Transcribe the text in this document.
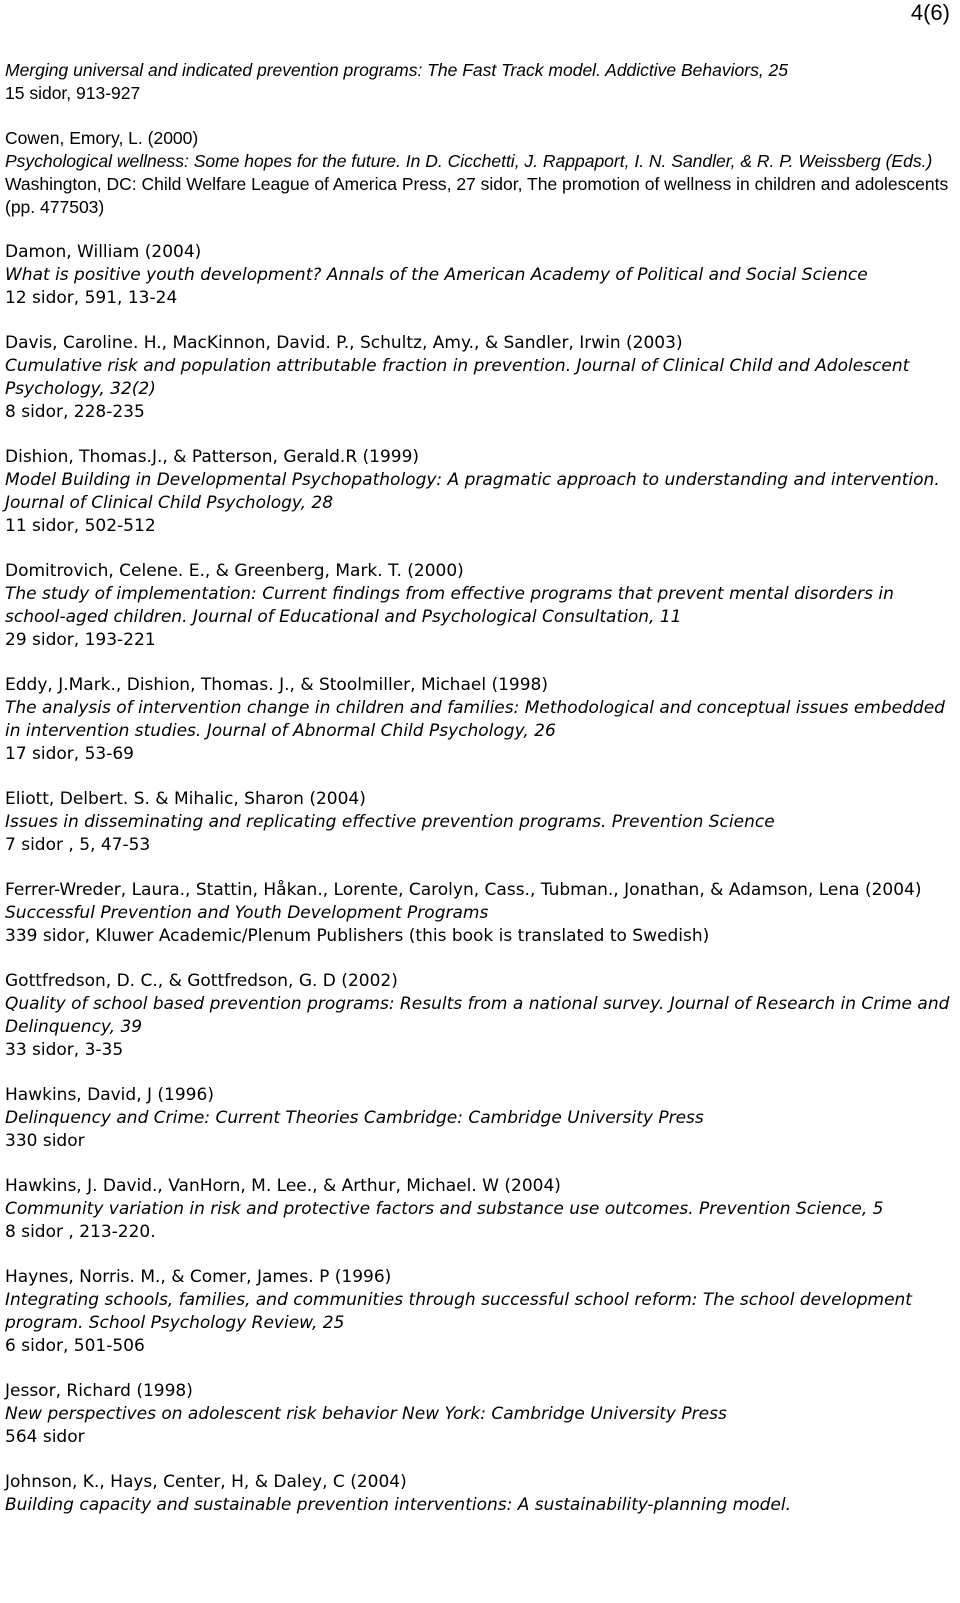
4(6)
Merging universal and indicated prevention programs: The Fast Track model. Addictive Behaviors, 25
15 sidor, 913-927
Cowen, Emory, L. (2000)
Psychological wellness: Some hopes for the future. In D. Cicchetti, J. Rappaport, I. N. Sandler, & R. P. Weissberg (Eds.)
Washington, DC: Child Welfare League of America Press, 27 sidor, The promotion of wellness in children and adolescents (pp. 477503)
Damon, William (2004)
What is positive youth development? Annals of the American Academy of Political and Social Science
12 sidor, 591, 13-24
Davis, Caroline. H., MacKinnon, David. P., Schultz, Amy., & Sandler, Irwin (2003)
Cumulative risk and population attributable fraction in prevention. Journal of Clinical Child and Adolescent Psychology, 32(2)
8 sidor, 228-235
Dishion, Thomas.J., & Patterson, Gerald.R (1999)
Model Building in Developmental Psychopathology: A pragmatic approach to understanding and intervention. Journal of Clinical Child Psychology, 28
11 sidor, 502-512
Domitrovich, Celene. E., & Greenberg, Mark. T. (2000)
The study of implementation: Current findings from effective programs that prevent mental disorders in school-aged children. Journal of Educational and Psychological Consultation, 11
29 sidor, 193-221
Eddy, J.Mark., Dishion, Thomas. J., & Stoolmiller, Michael (1998)
The analysis of intervention change in children and families: Methodological and conceptual issues embedded in intervention studies. Journal of Abnormal Child Psychology, 26
17 sidor, 53-69
Eliott, Delbert. S. & Mihalic, Sharon (2004)
Issues in disseminating and replicating effective prevention programs. Prevention Science
7 sidor , 5, 47-53
Ferrer-Wreder, Laura., Stattin, Håkan., Lorente, Carolyn, Cass., Tubman., Jonathan, & Adamson, Lena (2004)
Successful Prevention and Youth Development Programs
339 sidor, Kluwer Academic/Plenum Publishers (this book is translated to Swedish)
Gottfredson, D. C., & Gottfredson, G. D (2002)
Quality of school based prevention programs: Results from a national survey. Journal of Research in Crime and Delinquency, 39
33 sidor, 3-35
Hawkins, David, J (1996)
Delinquency and Crime: Current Theories Cambridge: Cambridge University Press
330 sidor
Hawkins, J. David., VanHorn, M. Lee., & Arthur, Michael. W (2004)
Community variation in risk and protective factors and substance use outcomes. Prevention Science, 5
8 sidor , 213-220.
Haynes, Norris. M., & Comer, James. P (1996)
Integrating schools, families, and communities through successful school reform: The school development program. School Psychology Review, 25
6 sidor, 501-506
Jessor, Richard (1998)
New perspectives on adolescent risk behavior New York: Cambridge University Press
564 sidor
Johnson, K., Hays, Center, H, & Daley, C (2004)
Building capacity and sustainable prevention interventions: A sustainability-planning model.
